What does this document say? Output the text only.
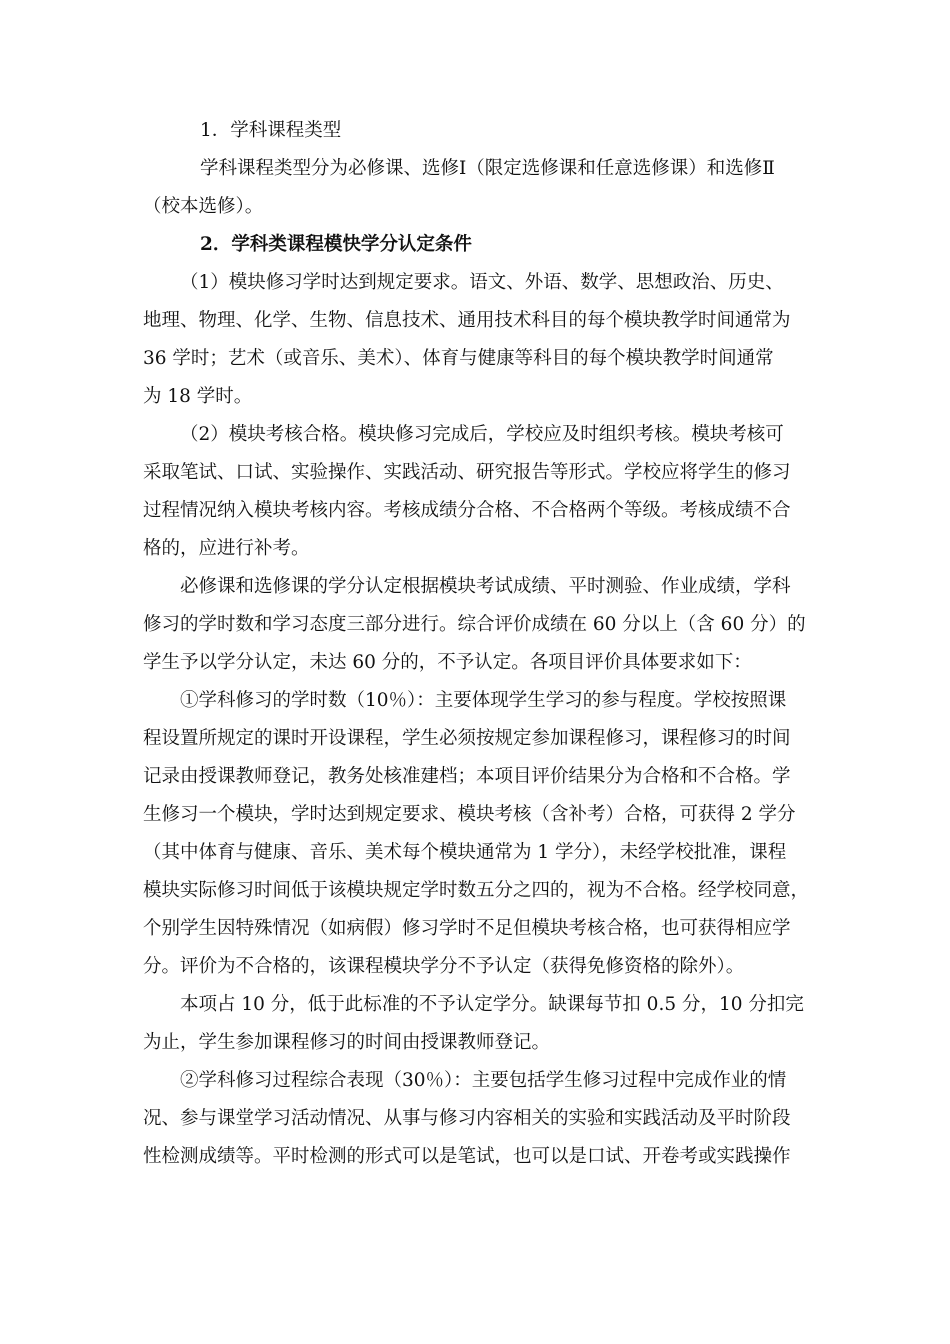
1．学科课程类型
学科课程类型分为必修课、选修Ⅰ（限定选修课和任意选修课）和选修Ⅱ
（校本选修）。
2．学科类课程模快学分认定条件
（1）模块修习学时达到规定要求。语文、外语、数学、思想政治、历史、
地理、物理、化学、生物、信息技术、通用技术科目的每个模块教学时间通常为
36 学时；艺术（或音乐、美术）、体育与健康等科目的每个模块教学时间通常
为 18 学时。
（2）模块考核合格。模块修习完成后，学校应及时组织考核。模块考核可
采取笔试、口试、实验操作、实践活动、研究报告等形式。学校应将学生的修习
过程情况纳入模块考核内容。考核成绩分合格、不合格两个等级。考核成绩不合
格的，应进行补考。
必修课和选修课的学分认定根据模块考试成绩、平时测验、作业成绩，学科
修习的学时数和学习态度三部分进行。综合评价成绩在 60 分以上（含 60 分）的
学生予以学分认定，未达 60 分的，不予认定。各项目评价具体要求如下：
①学科修习的学时数（10％）：主要体现学生学习的参与程度。学校按照课
程设置所规定的课时开设课程，学生必须按规定参加课程修习，课程修习的时间
记录由授课教师登记，教务处核准建档；本项目评价结果分为合格和不合格。学
生修习一个模块，学时达到规定要求、模块考核（含补考）合格，可获得 2 学分
（其中体育与健康、音乐、美术每个模块通常为 1 学分），未经学校批准，课程
模块实际修习时间低于该模块规定学时数五分之四的，视为不合格。经学校同意，
个别学生因特殊情况（如病假）修习学时不足但模块考核合格，也可获得相应学
分。评价为不合格的，该课程模块学分不予认定（获得免修资格的除外）。
本项占 10 分，低于此标准的不予认定学分。缺课每节扣 0.5 分，10 分扣完
为止，学生参加课程修习的时间由授课教师登记。
②学科修习过程综合表现（30％）：主要包括学生修习过程中完成作业的情
况、参与课堂学习活动情况、从事与修习内容相关的实验和实践活动及平时阶段
性检测成绩等。平时检测的形式可以是笔试，也可以是口试、开卷考或实践操作
